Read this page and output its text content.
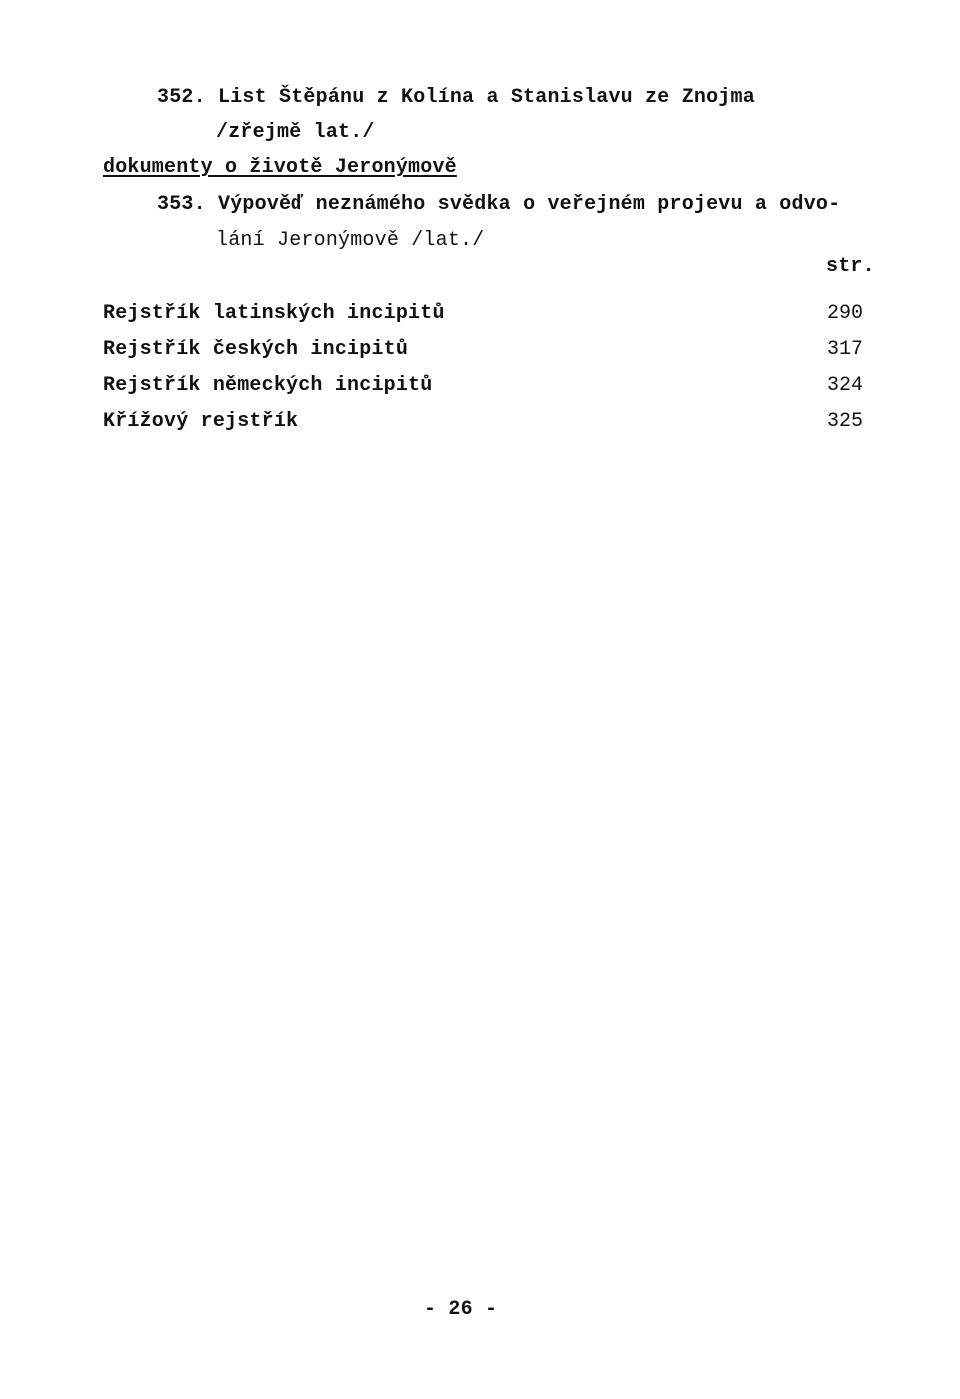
352. List Štěpánu z Kolína a Stanislavu ze Znojma
/zřejmě lat./
dokumenty o životě Jeronýmově
353. Výpověď neznámého svědka o veřejném projevu a odvo-
lání Jeronýmově /lat./
str.
Rejstřík latinských incipitů	290
Rejstřík českých incipitů	317
Rejstřík německých incipitů	324
Křížový rejstřík	325
- 26 -
